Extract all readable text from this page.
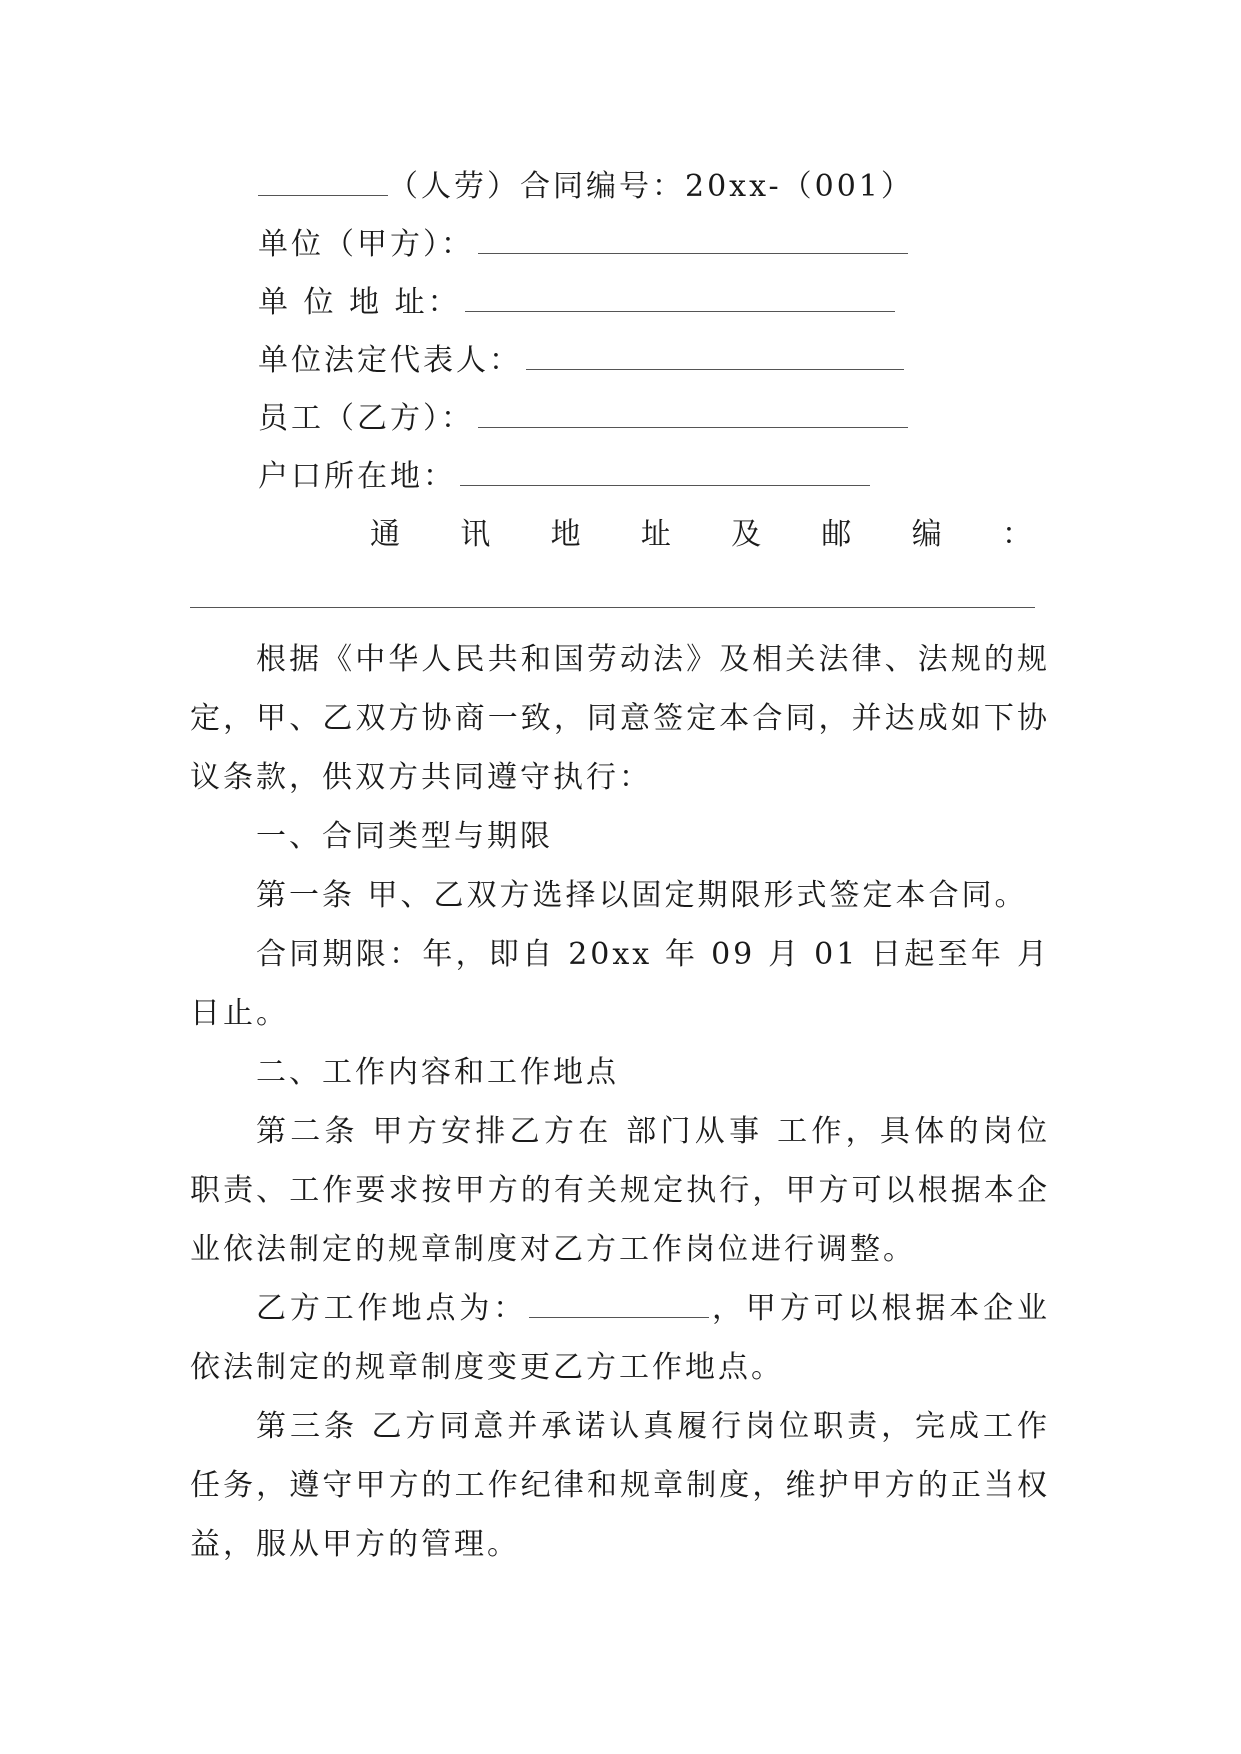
（人劳）合同编号：20xx-（001）
单位（甲方）：
单 位 地 址：
单位法定代表人：
员工（乙方）：
户口所在地：
通 讯 地 址 及 邮 编 ：
根据《中华人民共和国劳动法》及相关法律、法规的规定，甲、乙双方协商一致，同意签定本合同，并达成如下协议条款，供双方共同遵守执行：
一、合同类型与期限
第一条 甲、乙双方选择以固定期限形式签定本合同。
合同期限：年，即自 20xx 年 09 月 01 日起至年 月日止。
二、工作内容和工作地点
第二条 甲方安排乙方在 部门从事 工作，具体的岗位职责、工作要求按甲方的有关规定执行，甲方可以根据本企业依法制定的规章制度对乙方工作岗位进行调整。
乙方工作地点为：	，甲方可以根据本企业依法制定的规章制度变更乙方工作地点。
第三条 乙方同意并承诺认真履行岗位职责，完成工作任务，遵守甲方的工作纪律和规章制度，维护甲方的正当权益，服从甲方的管理。
